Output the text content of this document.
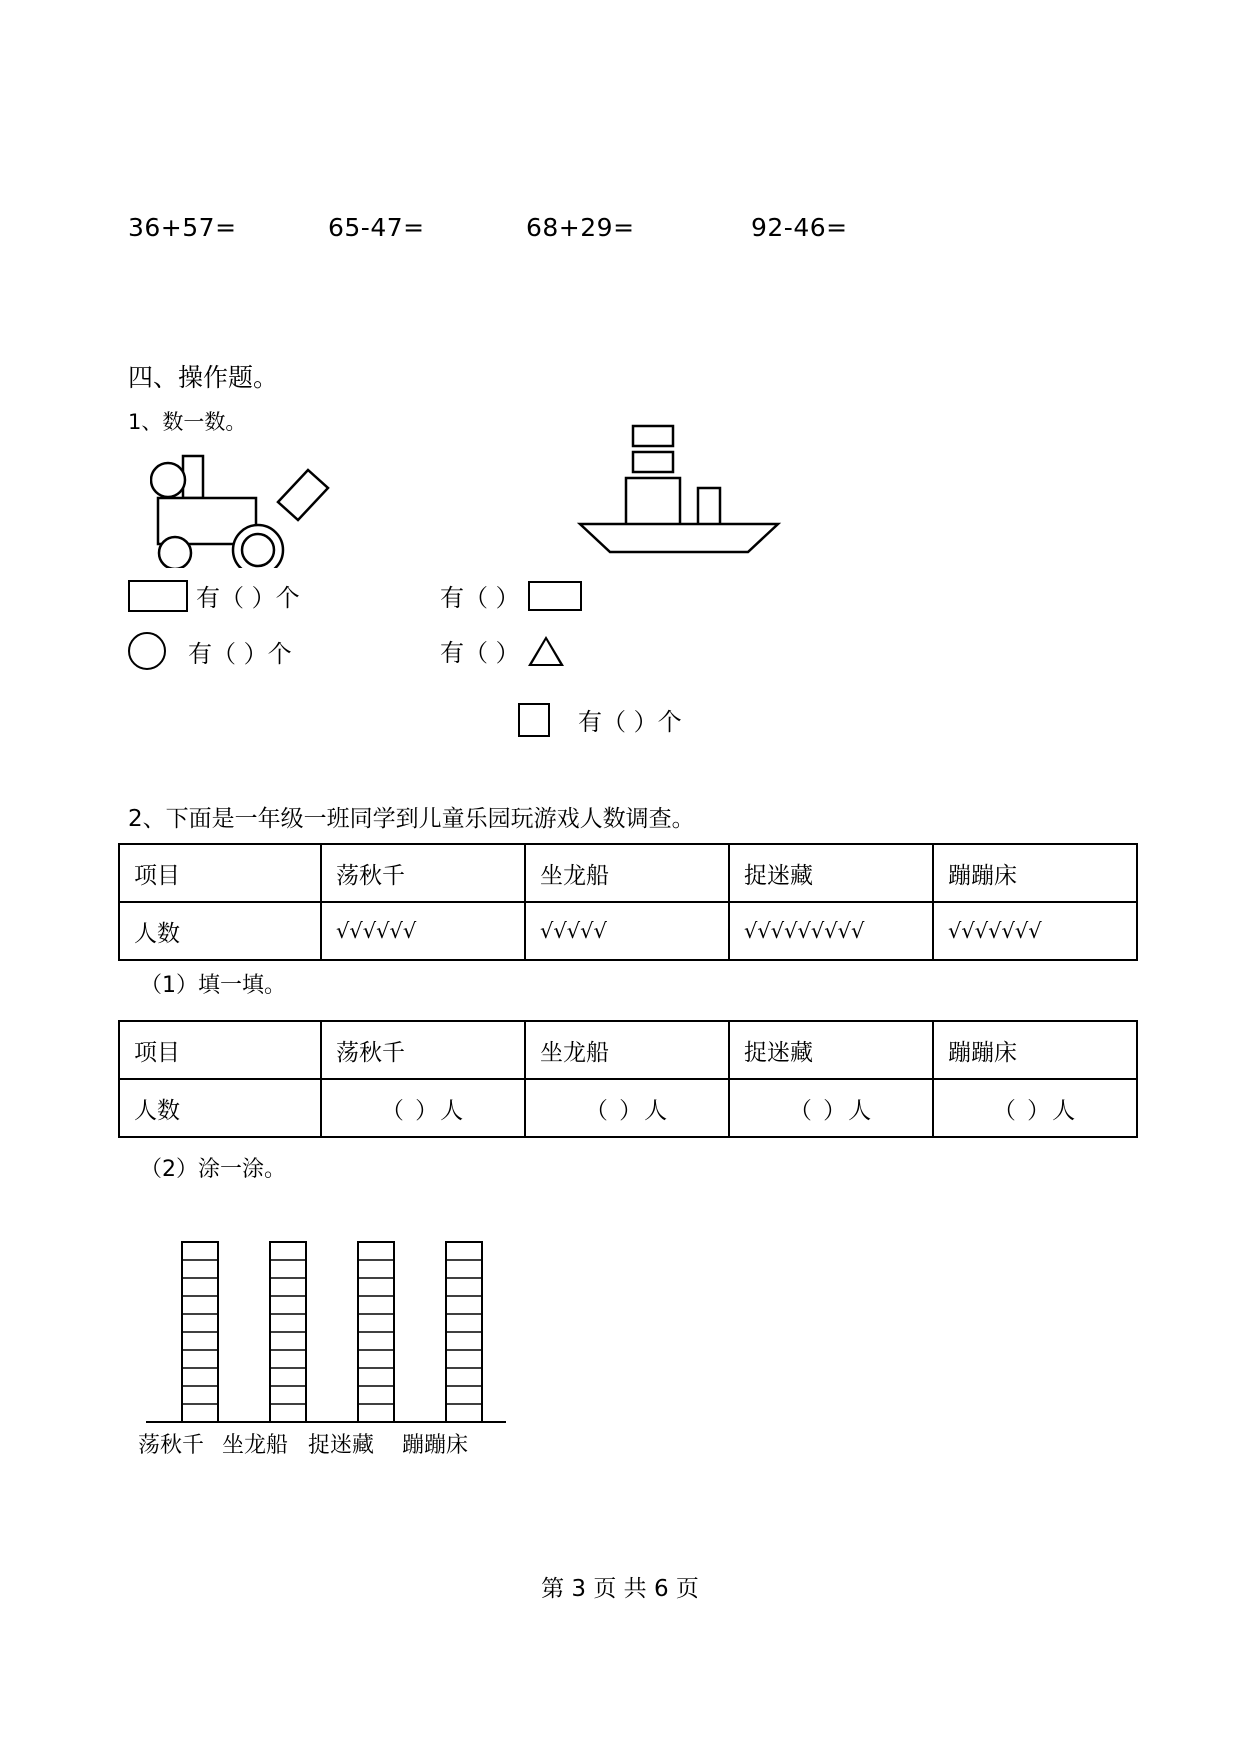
36+57=	65-47=	68+29=	92-46=
四、操作题。
1、数一数。
有（ ）个
有（ ）个
有（ ）
有（ ）
有（ ）个
2、下面是一年级一班同学到儿童乐园玩游戏人数调查。
项目	荡秋千	坐龙船	捉迷藏	蹦蹦床
人数	√√√√√√	√√√√√	√√√√√√√√√	√√√√√√√
（1）填一填。
项目	荡秋千	坐龙船	捉迷藏	蹦蹦床
人数	（ ）人	（ ）人	（ ）人	（ ）人
（2）涂一涂。
荡秋千 坐龙船 捉迷藏	蹦蹦床
第 3 页 共 6 页
